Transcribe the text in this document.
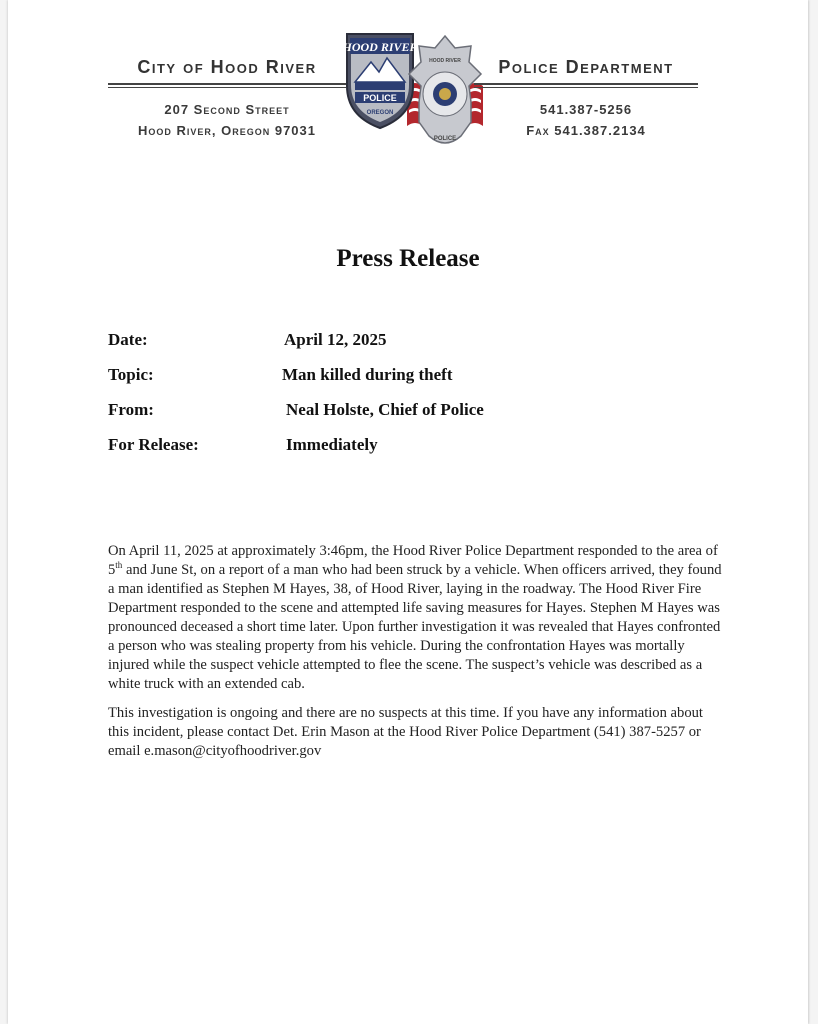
City of Hood River
207 Second Street
Hood River, Oregon 97031
HOOD RIVER
POLICE
OREGON
POLICE
HOOD RIVER	Police Department
541.387-5256
Fax 541.387.2134
Press Release
Date:	April 12, 2025
Topic:	Man killed during theft
From:	Neal Holste, Chief of Police
For Release:	Immediately

On April 11, 2025 at approximately 3:46pm, the Hood River Police Department responded to the area of 5th and June St, on a report of a man who had been struck by a vehicle. When officers arrived, they found a man identified as Stephen M Hayes, 38, of Hood River, laying in the roadway. The Hood River Fire Department responded to the scene and attempted life saving measures for Hayes. Stephen M Hayes was pronounced deceased a short time later. Upon further investigation it was revealed that Hayes confronted a person who was stealing property from his vehicle. During the confrontation Hayes was mortally injured while the suspect vehicle attempted to flee the scene. The suspect’s vehicle was described as a white truck with an extended cab.

This investigation is ongoing and there are no suspects at this time. If you have any information about this incident, please contact Det. Erin Mason at the Hood River Police Department (541) 387-5257 or email e.mason@cityofhoodriver.gov
